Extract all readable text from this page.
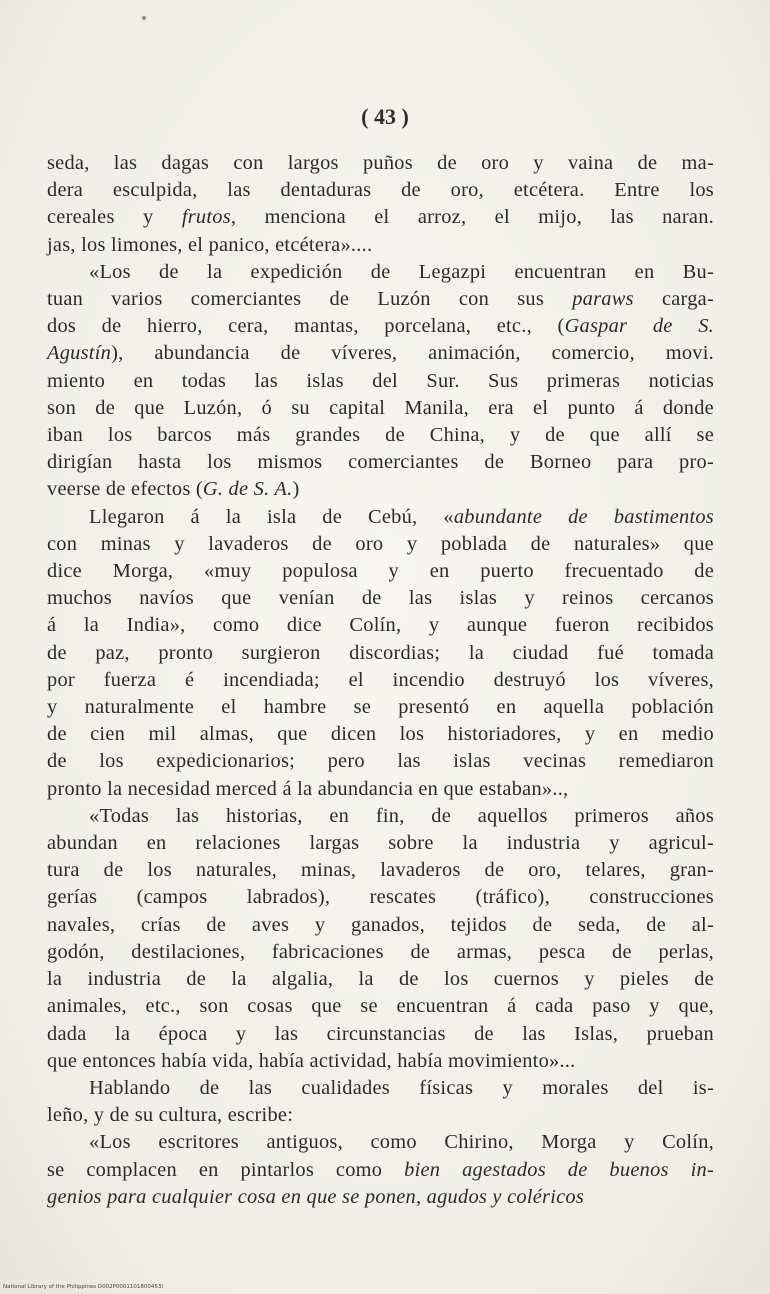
( 43 )

seda, las dagas con largos puños de oro y vaina de ma-

dera esculpida, las dentaduras de oro, etcétera. Entre los

cereales y frutos, menciona el arroz, el mijo, las naran.

jas, los limones, el panico, etcétera»....

«Los de la expedición de Legazpi encuentran en Bu-

tuan varios comerciantes de Luzón con sus paraws carga-

dos de hierro, cera, mantas, porcelana, etc., (Gaspar de S.

Agustín), abundancia de víveres, animación, comercio, movi.

miento en todas las islas del Sur. Sus primeras noticias

son de que Luzón, ó su capital Manila, era el punto á donde

iban los barcos más grandes de China, y de que allí se

dirigían hasta los mismos comerciantes de Borneo para pro-

veerse de efectos (G. de S. A.)

Llegaron á la isla de Cebú, «abundante de bastimentos

con minas y lavaderos de oro y poblada de naturales» que

dice Morga, «muy populosa y en puerto frecuentado de

muchos navíos que venían de las islas y reinos cercanos

á la India», como dice Colín, y aunque fueron recibidos

de paz, pronto surgieron discordias; la ciudad fué tomada

por fuerza é incendiada; el incendio destruyó los víveres,

y naturalmente el hambre se presentó en aquella población

de cien mil almas, que dicen los historiadores, y en medio

de los expedicionarios; pero las islas vecinas remediaron

pronto la necesidad merced á la abundancia en que estaban»..,

«Todas las historias, en fin, de aquellos primeros años

abundan en relaciones largas sobre la industria y agricul-

tura de los naturales, minas, lavaderos de oro, telares, gran-

gerías (campos labrados), rescates (tráfico), construcciones

navales, crías de aves y ganados, tejidos de seda, de al-

godón, destilaciones, fabricaciones de armas, pesca de perlas,

la industria de la algalia, la de los cuernos y pieles de

animales, etc., son cosas que se encuentran á cada paso y que,

dada la época y las circunstancias de las Islas, prueban

que entonces había vida, había actividad, había movimiento»...

Hablando de las cualidades físicas y morales del is-

leño, y de su cultura, escribe:

«Los escritores antiguos, como Chirino, Morga y Colín,

se complacen en pintarlos como bien agestados de buenos in-

genios para cualquier cosa en que se ponen, agudos y coléricos

National Library of the Philippines D002P0001101800453I
